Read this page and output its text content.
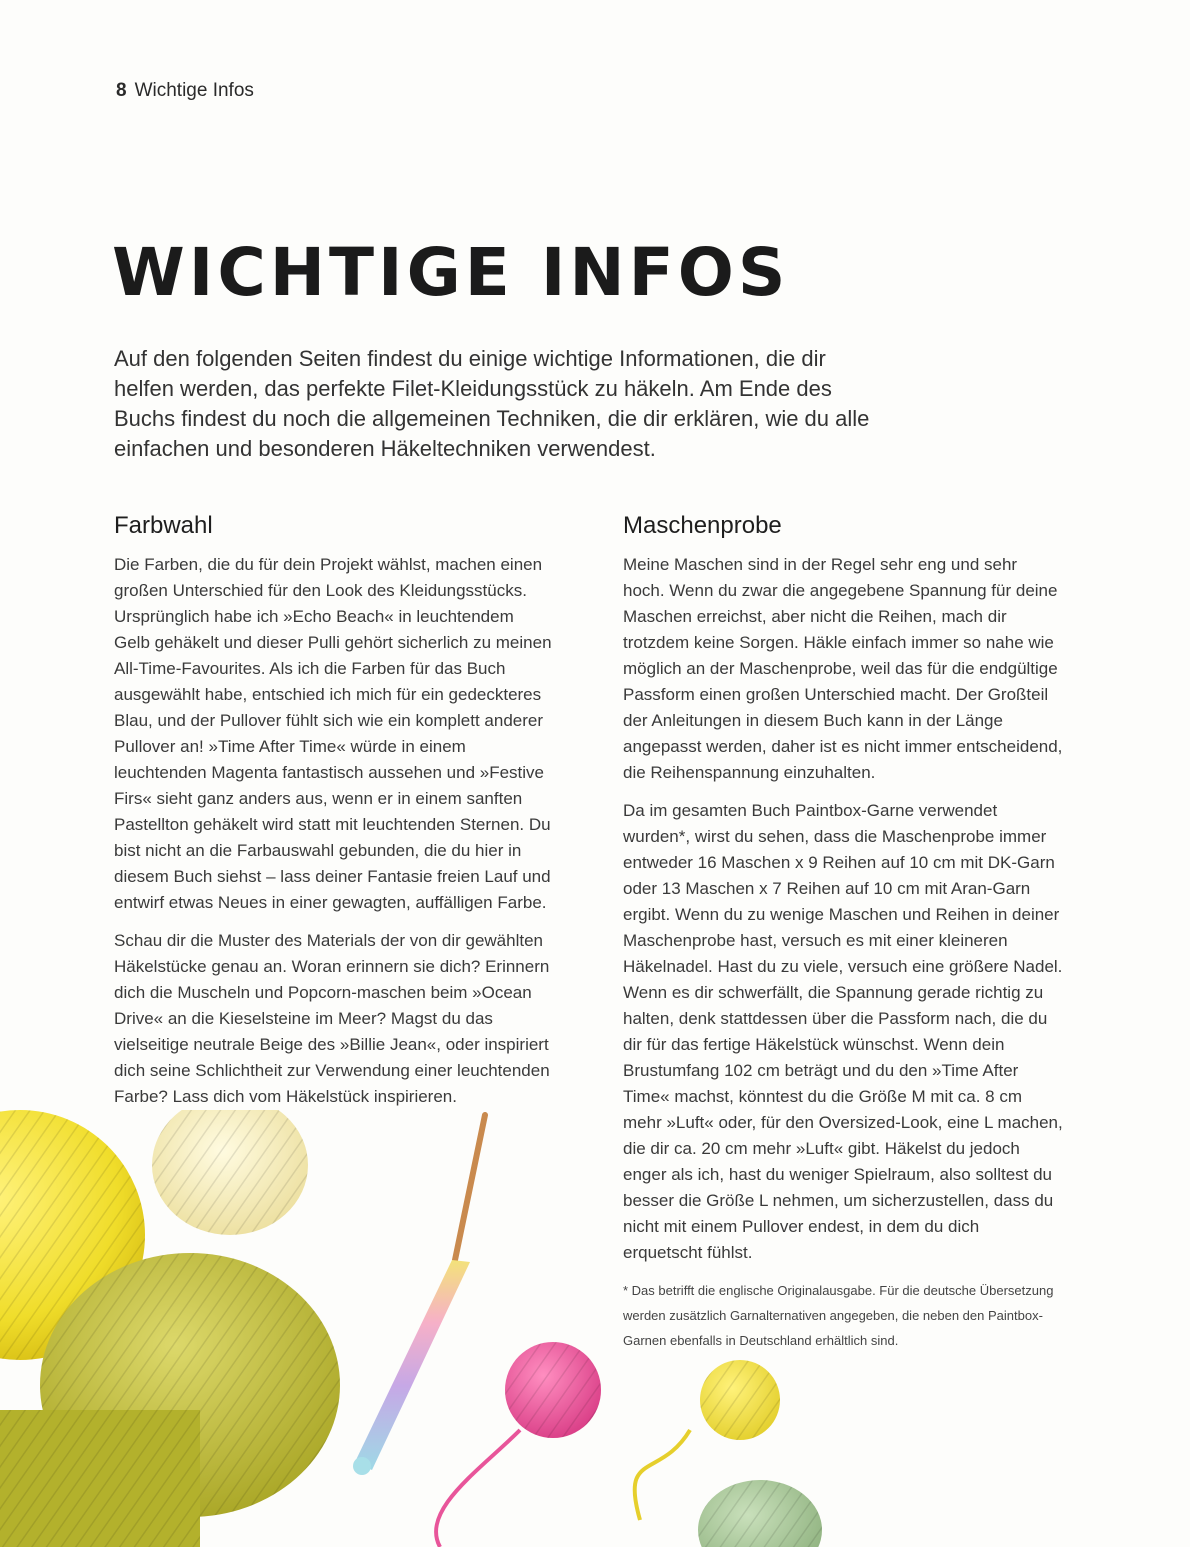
8 Wichtige Infos
WICHTIGE INFOS

Auf den folgenden Seiten findest du einige wichtige Informationen, die dir helfen werden, das perfekte Filet-Kleidungsstück zu häkeln. Am Ende des Buchs findest du noch die allgemeinen Techniken, die dir erklären, wie du alle einfachen und besonderen Häkeltechniken verwendest.

Farbwahl

Die Farben, die du für dein Projekt wählst, machen einen großen Unterschied für den Look des Kleidungsstücks. Ursprünglich habe ich »Echo Beach« in leuchtendem Gelb gehäkelt und dieser Pulli gehört sicherlich zu meinen All-Time-Favourites. Als ich die Farben für das Buch ausgewählt habe, entschied ich mich für ein gedeckteres Blau, und der Pullover fühlt sich wie ein komplett anderer Pullover an! »Time After Time« würde in einem leuchtenden Magenta fantastisch aussehen und »Festive Firs« sieht ganz anders aus, wenn er in einem sanften Pastellton gehäkelt wird statt mit leuchtenden Sternen. Du bist nicht an die Farbauswahl gebunden, die du hier in diesem Buch siehst – lass deiner Fantasie freien Lauf und entwirf etwas Neues in einer gewagten, auffälligen Farbe.

Schau dir die Muster des Materials der von dir gewählten Häkelstücke genau an. Woran erinnern sie dich? Erinnern dich die Muscheln und Popcorn-maschen beim »Ocean Drive« an die Kieselsteine im Meer? Magst du das vielseitige neutrale Beige des »Billie Jean«, oder inspiriert dich seine Schlichtheit zur Verwendung einer leuchtenden Farbe? Lass dich vom Häkelstück inspirieren.

Maschenprobe

Meine Maschen sind in der Regel sehr eng und sehr hoch. Wenn du zwar die angegebene Spannung für deine Maschen erreichst, aber nicht die Reihen, mach dir trotzdem keine Sorgen. Häkle einfach immer so nahe wie möglich an der Maschenprobe, weil das für die endgültige Passform einen großen Unterschied macht. Der Großteil der Anleitungen in diesem Buch kann in der Länge angepasst werden, daher ist es nicht immer entscheidend, die Reihenspannung einzuhalten.

Da im gesamten Buch Paintbox-Garne verwendet wurden*, wirst du sehen, dass die Maschenprobe immer entweder 16 Maschen x 9 Reihen auf 10 cm mit DK-Garn oder 13 Maschen x 7 Reihen auf 10 cm mit Aran-Garn ergibt. Wenn du zu wenige Maschen und Reihen in deiner Maschenprobe hast, versuch es mit einer kleineren Häkelnadel. Hast du zu viele, versuch eine größere Nadel. Wenn es dir schwerfällt, die Spannung gerade richtig zu halten, denk stattdessen über die Passform nach, die du dir für das fertige Häkelstück wünschst. Wenn dein Brustumfang 102 cm beträgt und du den »Time After Time« machst, könntest du die Größe M mit ca. 8 cm mehr »Luft« oder, für den Oversized-Look, eine L machen, die dir ca. 20 cm mehr »Luft« gibt. Häkelst du jedoch enger als ich, hast du weniger Spielraum, also solltest du besser die Größe L nehmen, um sicherzustellen, dass du nicht mit einem Pullover endest, in dem du dich erquetscht fühlst.

* Das betrifft die englische Originalausgabe. Für die deutsche Übersetzung werden zusätzlich Garnalternativen angegeben, die neben den Paintbox-Garnen ebenfalls in Deutschland erhältlich sind.
